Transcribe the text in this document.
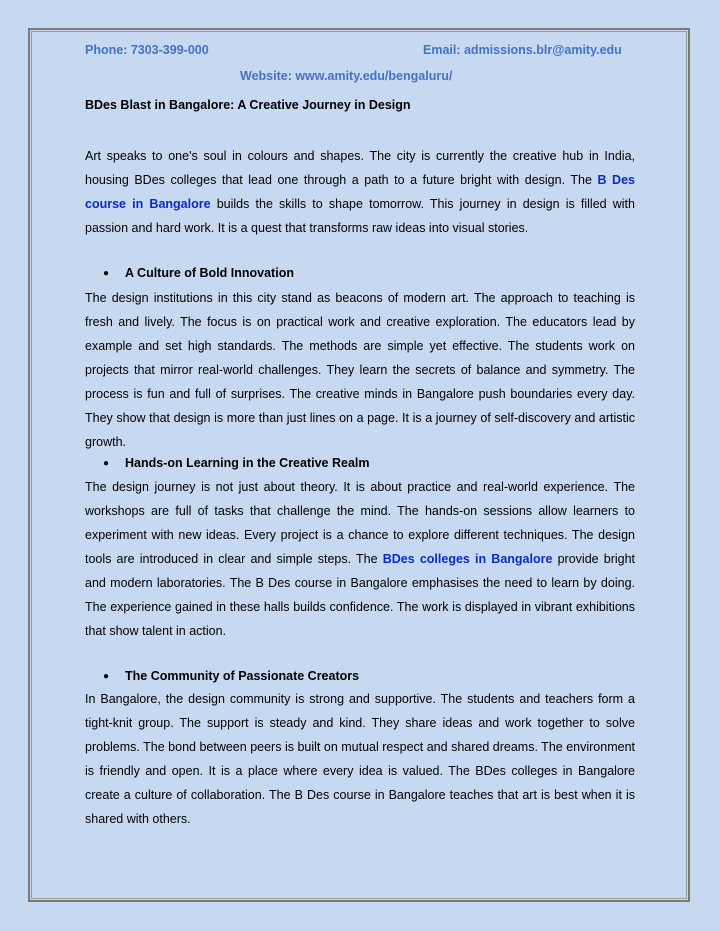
Phone: 7303-399-000	Email: admissions.blr@amity.edu
Website: www.amity.edu/bengaluru/
BDes Blast in Bangalore: A Creative Journey in Design
Art speaks to one's soul in colours and shapes. The city is currently the creative hub in India, housing BDes colleges that lead one through a path to a future bright with design. The B Des course in Bangalore builds the skills to shape tomorrow. This journey in design is filled with passion and hard work. It is a quest that transforms raw ideas into visual stories.
● A Culture of Bold Innovation
The design institutions in this city stand as beacons of modern art. The approach to teaching is fresh and lively. The focus is on practical work and creative exploration. The educators lead by example and set high standards. The methods are simple yet effective. The students work on projects that mirror real-world challenges. They learn the secrets of balance and symmetry. The process is fun and full of surprises. The creative minds in Bangalore push boundaries every day. They show that design is more than just lines on a page. It is a journey of self-discovery and artistic growth.
● Hands-on Learning in the Creative Realm
The design journey is not just about theory. It is about practice and real-world experience. The workshops are full of tasks that challenge the mind. The hands-on sessions allow learners to experiment with new ideas. Every project is a chance to explore different techniques. The design tools are introduced in clear and simple steps. The BDes colleges in Bangalore provide bright and modern laboratories. The B Des course in Bangalore emphasises the need to learn by doing. The experience gained in these halls builds confidence. The work is displayed in vibrant exhibitions that show talent in action.
● The Community of Passionate Creators
In Bangalore, the design community is strong and supportive. The students and teachers form a tight-knit group. The support is steady and kind. They share ideas and work together to solve problems. The bond between peers is built on mutual respect and shared dreams. The environment is friendly and open. It is a place where every idea is valued. The BDes colleges in Bangalore create a culture of collaboration. The B Des course in Bangalore teaches that art is best when it is shared with others.
